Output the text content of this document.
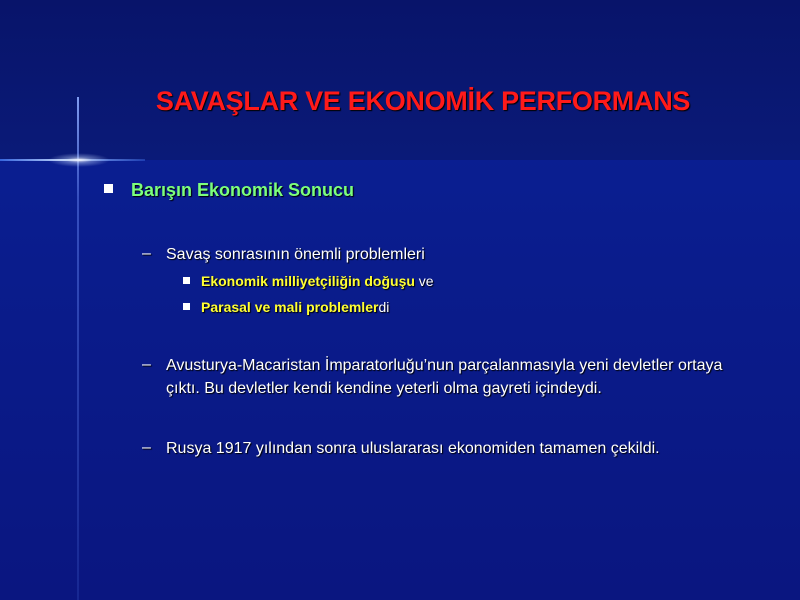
SAVAŞLAR VE EKONOMİK PERFORMANS
Barışın Ekonomik Sonucu
– Savaş sonrasının önemli problemleri
Ekonomik milliyetçiliğin doğuşu ve
Parasal ve mali problemlerdi
– Avusturya-Macaristan İmparatorluğu’nun parçalanmasıyla yeni devletler ortaya çıktı. Bu devletler kendi kendine yeterli olma gayreti içindeydi.
– Rusya 1917 yılından sonra uluslararası ekonomiden tamamen çekildi.
